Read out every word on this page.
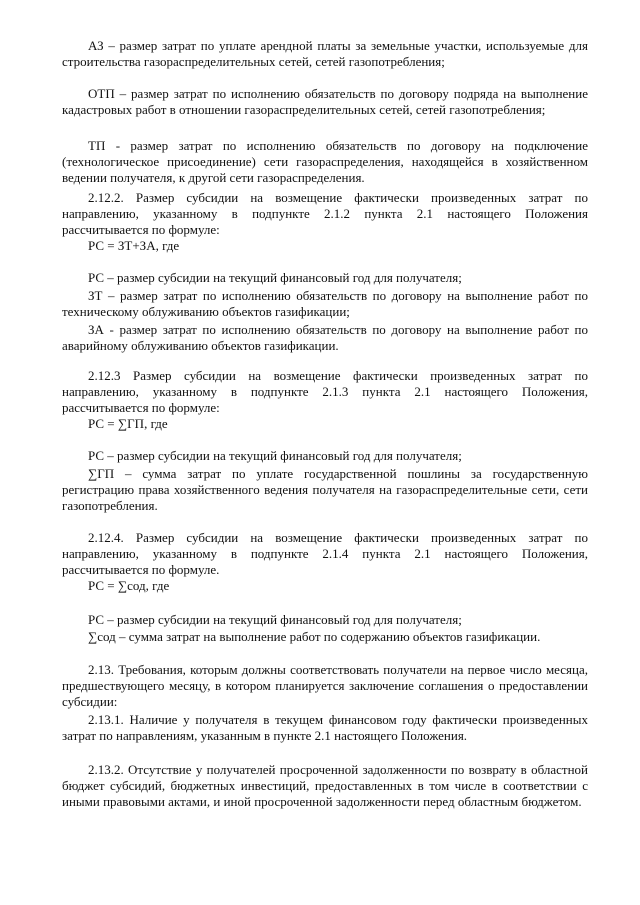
АЗ – размер затрат по уплате арендной платы за земельные участки, используемые для строительства газораспределительных сетей, сетей газопотребления;

ОТП – размер затрат по исполнению обязательств по договору подряда на выполнение кадастровых работ в отношении газораспределительных сетей, сетей газопотребления;

ТП - размер затрат по исполнению обязательств по договору на подключение (технологическое присоединение) сети газораспределения, находящейся в хозяйственном ведении получателя, к другой сети газораспределения.

2.12.2. Размер субсидии на возмещение фактически произведенных затрат по направлению, указанному в подпункте 2.1.2 пункта 2.1 настоящего Положения рассчитывается по формуле:

РС = ЗТ+ЗА, где

РС – размер субсидии на текущий финансовый год для получателя;

ЗТ – размер затрат по исполнению обязательств по договору на выполнение работ по техническому облуживанию объектов газификации;

ЗА - размер затрат по исполнению обязательств по договору на выполнение работ по аварийному облуживанию объектов газификации.

2.12.3 Размер субсидии на возмещение фактически произведенных затрат по направлению, указанному в подпункте 2.1.3 пункта 2.1 настоящего Положения, рассчитывается по формуле:

РС = ∑ГП, где

РС – размер субсидии на текущий финансовый год для получателя;

∑ГП – сумма затрат по уплате государственной пошлины за государственную регистрацию права хозяйственного ведения получателя на газораспределительные сети, сети газопотребления.

2.12.4. Размер субсидии на возмещение фактически произведенных затрат по направлению, указанному в подпункте 2.1.4 пункта 2.1 настоящего Положения, рассчитывается по формуле.

РС = ∑сод, где

РС – размер субсидии на текущий финансовый год для получателя;

∑сод – сумма затрат на выполнение работ по содержанию объектов газификации.

2.13. Требования, которым должны соответствовать получатели на первое число месяца, предшествующего месяцу, в котором планируется заключение соглашения о предоставлении субсидии:

2.13.1. Наличие у получателя в текущем финансовом году фактически произведенных затрат по направлениям, указанным в пункте 2.1 настоящего Положения.

2.13.2. Отсутствие у получателей просроченной задолженности по возврату в областной бюджет субсидий, бюджетных инвестиций, предоставленных в том числе в соответствии с иными правовыми актами, и иной просроченной задолженности перед областным бюджетом.
